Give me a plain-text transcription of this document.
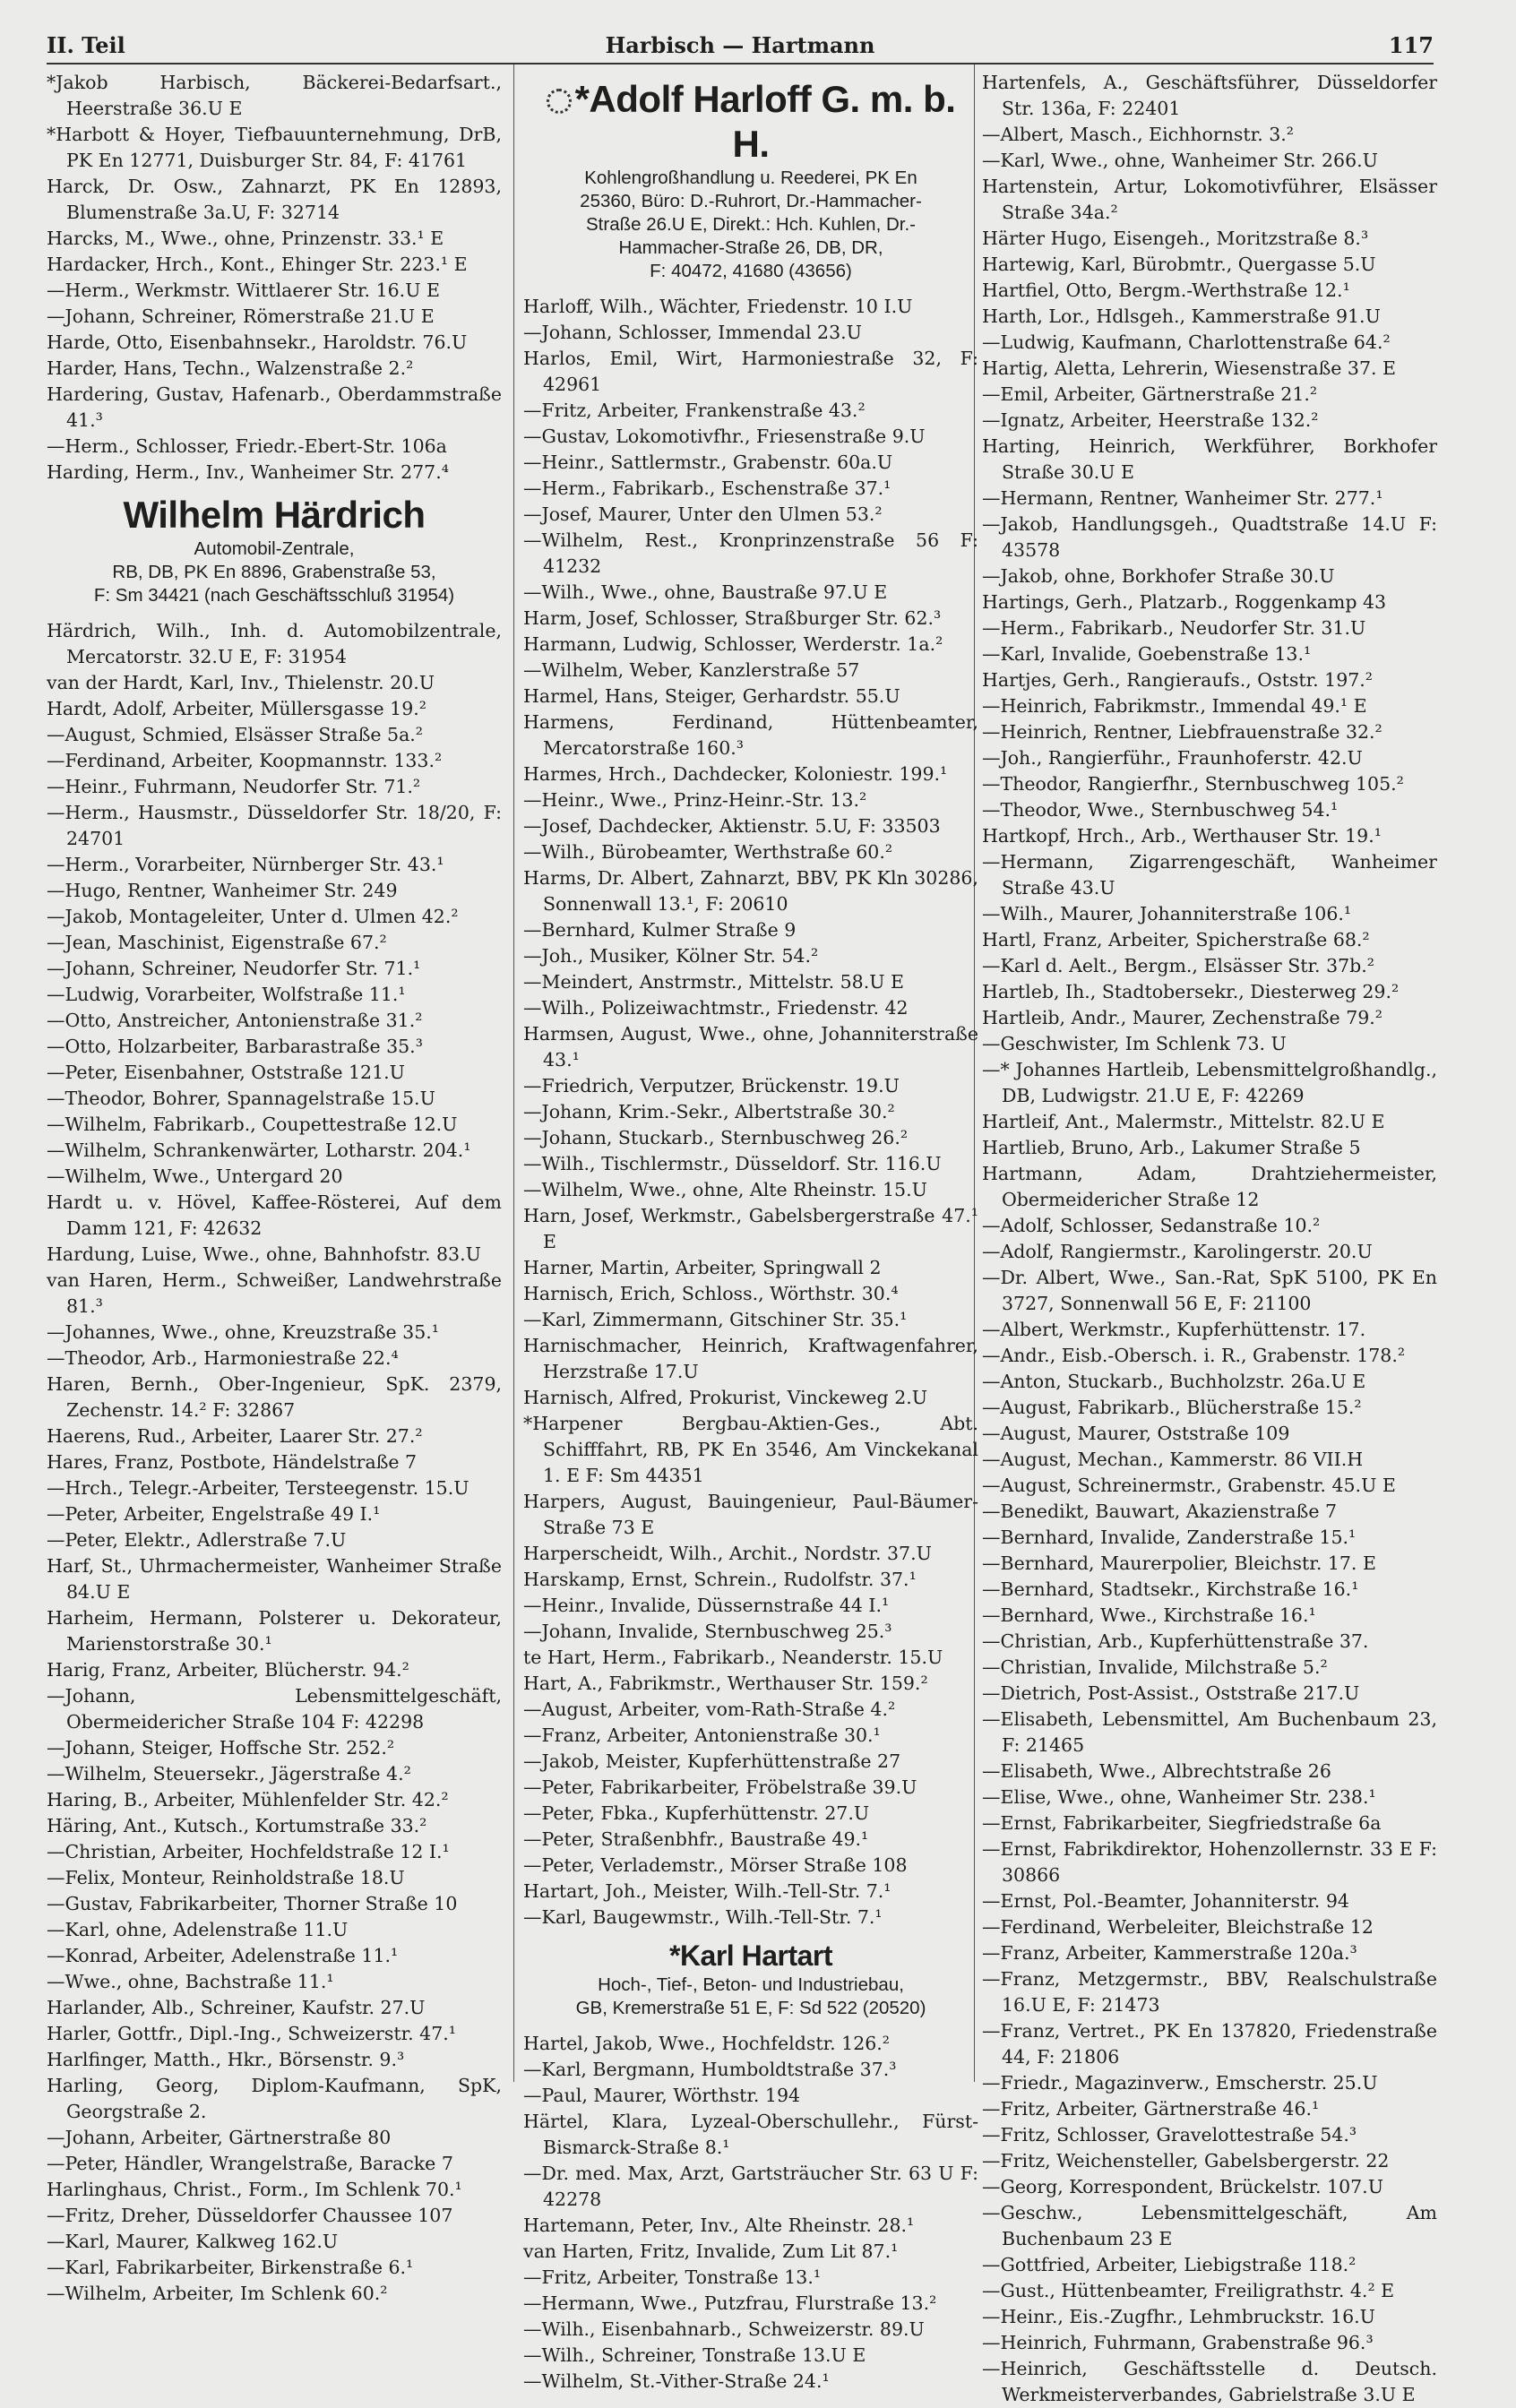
II. Teil	Harbisch — Hartmann	117
*Jakob Harbisch, Bäckerei-Bedarfsart., Heerstraße 36.U E
*Harbott & Hoyer, Tiefbauunternehmung, DrB, PK En 12771, Duisburger Str. 84, F: 41761
Harck, Dr. Osw., Zahnarzt, PK En 12893, Blumenstraße 3a.U, F: 32714
Harcks, M., Wwe., ohne, Prinzenstr. 33.¹ E
Hardacker, Hrch., Kont., Ehinger Str. 223.¹ E
—Herm., Werkmstr. Wittlaerer Str. 16.U E
—Johann, Schreiner, Römerstraße 21.U E
Harde, Otto, Eisenbahnsekr., Haroldstr. 76.U
Harder, Hans, Techn., Walzenstraße 2.²
Hardering, Gustav, Hafenarb., Oberdammstraße 41.³
—Herm., Schlosser, Friedr.-Ebert-Str. 106a
Harding, Herm., Inv., Wanheimer Str. 277.⁴
Wilhelm Härdrich
Automobil-Zentrale,
RB, DB, PK En 8896, Grabenstraße 53,
F: Sm 34421 (nach Geschäftsschluß 31954)
Härdrich, Wilh., Inh. d. Automobilzentrale, Mercatorstr. 32.U E, F: 31954
van der Hardt, Karl, Inv., Thielenstr. 20.U
Hardt, Adolf, Arbeiter, Müllersgasse 19.²
—August, Schmied, Elsässer Straße 5a.²
—Ferdinand, Arbeiter, Koopmannstr. 133.²
—Heinr., Fuhrmann, Neudorfer Str. 71.²
—Herm., Hausmstr., Düsseldorfer Str. 18/20, F: 24701
—Herm., Vorarbeiter, Nürnberger Str. 43.¹
—Hugo, Rentner, Wanheimer Str. 249
—Jakob, Montageleiter, Unter d. Ulmen 42.²
—Jean, Maschinist, Eigenstraße 67.²
—Johann, Schreiner, Neudorfer Str. 71.¹
—Ludwig, Vorarbeiter, Wolfstraße 11.¹
—Otto, Anstreicher, Antonienstraße 31.²
—Otto, Holzarbeiter, Barbarastraße 35.³
—Peter, Eisenbahner, Oststraße 121.U
—Theodor, Bohrer, Spannagelstraße 15.U
—Wilhelm, Fabrikarb., Coupettestraße 12.U
—Wilhelm, Schrankenwärter, Lotharstr. 204.¹
—Wilhelm, Wwe., Untergard 20
Hardt u. v. Hövel, Kaffee-Rösterei, Auf dem Damm 121, F: 42632
Hardung, Luise, Wwe., ohne, Bahnhofstr. 83.U
van Haren, Herm., Schweißer, Landwehrstraße 81.³
—Johannes, Wwe., ohne, Kreuzstraße 35.¹
—Theodor, Arb., Harmoniestraße 22.⁴
Haren, Bernh., Ober-Ingenieur, SpK. 2379, Zechenstr. 14.² F: 32867
Haerens, Rud., Arbeiter, Laarer Str. 27.²
Hares, Franz, Postbote, Händelstraße 7
—Hrch., Telegr.-Arbeiter, Tersteegenstr. 15.U
—Peter, Arbeiter, Engelstraße 49 I.¹
—Peter, Elektr., Adlerstraße 7.U
Harf, St., Uhrmachermeister, Wanheimer Straße 84.U E
Harheim, Hermann, Polsterer u. Dekorateur, Marienstorstraße 30.¹
Harig, Franz, Arbeiter, Blücherstr. 94.²
—Johann, Lebensmittelgeschäft, Obermeidericher Straße 104 F: 42298
—Johann, Steiger, Hoffsche Str. 252.²
—Wilhelm, Steuersekr., Jägerstraße 4.²
Haring, B., Arbeiter, Mühlenfelder Str. 42.²
Häring, Ant., Kutsch., Kortumstraße 33.²
—Christian, Arbeiter, Hochfeldstraße 12 I.¹
—Felix, Monteur, Reinholdstraße 18.U
—Gustav, Fabrikarbeiter, Thorner Straße 10
—Karl, ohne, Adelenstraße 11.U
—Konrad, Arbeiter, Adelenstraße 11.¹
—Wwe., ohne, Bachstraße 11.¹
Harlander, Alb., Schreiner, Kaufstr. 27.U
Harler, Gottfr., Dipl.-Ing., Schweizerstr. 47.¹
Harlfinger, Matth., Hkr., Börsenstr. 9.³
Harling, Georg, Diplom-Kaufmann, SpK, Georgstraße 2.
—Johann, Arbeiter, Gärtnerstraße 80
—Peter, Händler, Wrangelstraße, Baracke 7
Harlinghaus, Christ., Form., Im Schlenk 70.¹
—Fritz, Dreher, Düsseldorfer Chaussee 107
—Karl, Maurer, Kalkweg 162.U
—Karl, Fabrikarbeiter, Birkenstraße 6.¹
—Wilhelm, Arbeiter, Im Schlenk 60.²
*Adolf Harloff G. m. b. H.
Kohlengroßhandlung u. Reederei, PK En
25360, Büro: D.-Ruhrort, Dr.-Hammacher-
Straße 26.U E, Direkt.: Hch. Kuhlen, Dr.-
Hammacher-Straße 26, DB, DR,
F: 40472, 41680 (43656)
Harloff, Wilh., Wächter, Friedenstr. 10 I.U
—Johann, Schlosser, Immendal 23.U
Harlos, Emil, Wirt, Harmoniestraße 32, F: 42961
—Fritz, Arbeiter, Frankenstraße 43.²
—Gustav, Lokomotivfhr., Friesenstraße 9.U
—Heinr., Sattlermstr., Grabenstr. 60a.U
—Herm., Fabrikarb., Eschenstraße 37.¹
—Josef, Maurer, Unter den Ulmen 53.²
—Wilhelm, Rest., Kronprinzenstraße 56 F: 41232
—Wilh., Wwe., ohne, Baustraße 97.U E
Harm, Josef, Schlosser, Straßburger Str. 62.³
Harmann, Ludwig, Schlosser, Werderstr. 1a.²
—Wilhelm, Weber, Kanzlerstraße 57
Harmel, Hans, Steiger, Gerhardstr. 55.U
Harmens, Ferdinand, Hüttenbeamter, Mercatorstraße 160.³
Harmes, Hrch., Dachdecker, Koloniestr. 199.¹
—Heinr., Wwe., Prinz-Heinr.-Str. 13.²
—Josef, Dachdecker, Aktienstr. 5.U, F: 33503
—Wilh., Bürobeamter, Werthstraße 60.²
Harms, Dr. Albert, Zahnarzt, BBV, PK Kln 30286, Sonnenwall 13.¹, F: 20610
—Bernhard, Kulmer Straße 9
—Joh., Musiker, Kölner Str. 54.²
—Meindert, Anstrmstr., Mittelstr. 58.U E
—Wilh., Polizeiwachtmstr., Friedenstr. 42
Harmsen, August, Wwe., ohne, Johanniterstraße 43.¹
—Friedrich, Verputzer, Brückenstr. 19.U
—Johann, Krim.-Sekr., Albertstraße 30.²
—Johann, Stuckarb., Sternbuschweg 26.²
—Wilh., Tischlermstr., Düsseldorf. Str. 116.U
—Wilhelm, Wwe., ohne, Alte Rheinstr. 15.U
Harn, Josef, Werkmstr., Gabelsbergerstraße 47.¹ E
Harner, Martin, Arbeiter, Springwall 2
Harnisch, Erich, Schloss., Wörthstr. 30.⁴
—Karl, Zimmermann, Gitschiner Str. 35.¹
Harnischmacher, Heinrich, Kraftwagenfahrer, Herzstraße 17.U
Harnisch, Alfred, Prokurist, Vinckeweg 2.U
*Harpener Bergbau-Aktien-Ges., Abt. Schifffahrt, RB, PK En 3546, Am Vinckekanal 1. E F: Sm 44351
Harpers, August, Bauingenieur, Paul-Bäumer-Straße 73 E
Harperscheidt, Wilh., Archit., Nordstr. 37.U
Harskamp, Ernst, Schrein., Rudolfstr. 37.¹
—Heinr., Invalide, Düssernstraße 44 I.¹
—Johann, Invalide, Sternbuschweg 25.³
te Hart, Herm., Fabrikarb., Neanderstr. 15.U
Hart, A., Fabrikmstr., Werthauser Str. 159.²
—August, Arbeiter, vom-Rath-Straße 4.²
—Franz, Arbeiter, Antonienstraße 30.¹
—Jakob, Meister, Kupferhüttenstraße 27
—Peter, Fabrikarbeiter, Fröbelstraße 39.U
—Peter, Fbka., Kupferhüttenstr. 27.U
—Peter, Straßenbhfr., Baustraße 49.¹
—Peter, Verlademstr., Mörser Straße 108
Hartart, Joh., Meister, Wilh.-Tell-Str. 7.¹
—Karl, Baugewmstr., Wilh.-Tell-Str. 7.¹
*Karl Hartart
Hoch-, Tief-, Beton- und Industriebau,
GB, Kremerstraße 51 E, F: Sd 522 (20520)
Hartel, Jakob, Wwe., Hochfeldstr. 126.²
—Karl, Bergmann, Humboldtstraße 37.³
—Paul, Maurer, Wörthstr. 194
Härtel, Klara, Lyzeal-Oberschullehr., Fürst-Bismarck-Straße 8.¹
—Dr. med. Max, Arzt, Gartsträucher Str. 63 U F: 42278
Hartemann, Peter, Inv., Alte Rheinstr. 28.¹
van Harten, Fritz, Invalide, Zum Lit 87.¹
—Fritz, Arbeiter, Tonstraße 13.¹
—Hermann, Wwe., Putzfrau, Flurstraße 13.²
—Wilh., Eisenbahnarb., Schweizerstr. 89.U
—Wilh., Schreiner, Tonstraße 13.U E
—Wilhelm, St.-Vither-Straße 24.¹
Hartenfels, A., Geschäftsführer, Düsseldorfer Str. 136a, F: 22401
—Albert, Masch., Eichhornstr. 3.²
—Karl, Wwe., ohne, Wanheimer Str. 266.U
Hartenstein, Artur, Lokomotivführer, Elsässer Straße 34a.²
Härter Hugo, Eisengeh., Moritzstraße 8.³
Hartewig, Karl, Bürobmtr., Quergasse 5.U
Hartfiel, Otto, Bergm.-Werthstraße 12.¹
Harth, Lor., Hdlsgeh., Kammerstraße 91.U
—Ludwig, Kaufmann, Charlottenstraße 64.²
Hartig, Aletta, Lehrerin, Wiesenstraße 37. E
—Emil, Arbeiter, Gärtnerstraße 21.²
—Ignatz, Arbeiter, Heerstraße 132.²
Harting, Heinrich, Werkführer, Borkhofer Straße 30.U E
—Hermann, Rentner, Wanheimer Str. 277.¹
—Jakob, Handlungsgeh., Quadtstraße 14.U F: 43578
—Jakob, ohne, Borkhofer Straße 30.U
Hartings, Gerh., Platzarb., Roggenkamp 43
—Herm., Fabrikarb., Neudorfer Str. 31.U
—Karl, Invalide, Goebenstraße 13.¹
Hartjes, Gerh., Rangieraufs., Oststr. 197.²
—Heinrich, Fabrikmstr., Immendal 49.¹ E
—Heinrich, Rentner, Liebfrauenstraße 32.²
—Joh., Rangierführ., Fraunhoferstr. 42.U
—Theodor, Rangierfhr., Sternbuschweg 105.²
—Theodor, Wwe., Sternbuschweg 54.¹
Hartkopf, Hrch., Arb., Werthauser Str. 19.¹
—Hermann, Zigarrengeschäft, Wanheimer Straße 43.U
—Wilh., Maurer, Johanniterstraße 106.¹
Hartl, Franz, Arbeiter, Spicherstraße 68.²
—Karl d. Aelt., Bergm., Elsässer Str. 37b.²
Hartleb, Ih., Stadtobersekr., Diesterweg 29.²
Hartleib, Andr., Maurer, Zechenstraße 79.²
—Geschwister, Im Schlenk 73. U
—* Johannes Hartleib, Lebensmittelgroßhandlg., DB, Ludwigstr. 21.U E, F: 42269
Hartleif, Ant., Malermstr., Mittelstr. 82.U E
Hartlieb, Bruno, Arb., Lakumer Straße 5
Hartmann, Adam, Drahtziehermeister, Obermeidericher Straße 12
—Adolf, Schlosser, Sedanstraße 10.²
—Adolf, Rangiermstr., Karolingerstr. 20.U
—Dr. Albert, Wwe., San.-Rat, SpK 5100, PK En 3727, Sonnenwall 56 E, F: 21100
—Albert, Werkmstr., Kupferhüttenstr. 17.
—Andr., Eisb.-Obersch. i. R., Grabenstr. 178.²
—Anton, Stuckarb., Buchholzstr. 26a.U E
—August, Fabrikarb., Blücherstraße 15.²
—August, Maurer, Oststraße 109
—August, Mechan., Kammerstr. 86 VII.H
—August, Schreinermstr., Grabenstr. 45.U E
—Benedikt, Bauwart, Akazienstraße 7
—Bernhard, Invalide, Zanderstraße 15.¹
—Bernhard, Maurerpolier, Bleichstr. 17. E
—Bernhard, Stadtsekr., Kirchstraße 16.¹
—Bernhard, Wwe., Kirchstraße 16.¹
—Christian, Arb., Kupferhüttenstraße 37.
—Christian, Invalide, Milchstraße 5.²
—Dietrich, Post-Assist., Oststraße 217.U
—Elisabeth, Lebensmittel, Am Buchenbaum 23, F: 21465
—Elisabeth, Wwe., Albrechtstraße 26
—Elise, Wwe., ohne, Wanheimer Str. 238.¹
—Ernst, Fabrikarbeiter, Siegfriedstraße 6a
—Ernst, Fabrikdirektor, Hohenzollernstr. 33 E F: 30866
—Ernst, Pol.-Beamter, Johanniterstr. 94
—Ferdinand, Werbeleiter, Bleichstraße 12
—Franz, Arbeiter, Kammerstraße 120a.³
—Franz, Metzgermstr., BBV, Realschulstraße 16.U E, F: 21473
—Franz, Vertret., PK En 137820, Friedenstraße 44, F: 21806
—Friedr., Magazinverw., Emscherstr. 25.U
—Fritz, Arbeiter, Gärtnerstraße 46.¹
—Fritz, Schlosser, Gravelottestraße 54.³
—Fritz, Weichensteller, Gabelsbergerstr. 22
—Georg, Korrespondent, Brückelstr. 107.U
—Geschw., Lebensmittelgeschäft, Am Buchenbaum 23 E
—Gottfried, Arbeiter, Liebigstraße 118.²
—Gust., Hüttenbeamter, Freiligrathstr. 4.² E
—Heinr., Eis.-Zugfhr., Lehmbruckstr. 16.U
—Heinrich, Fuhrmann, Grabenstraße 96.³
—Heinrich, Geschäftsstelle d. Deutsch. Werkmeisterverbandes, Gabrielstraße 3.U E
